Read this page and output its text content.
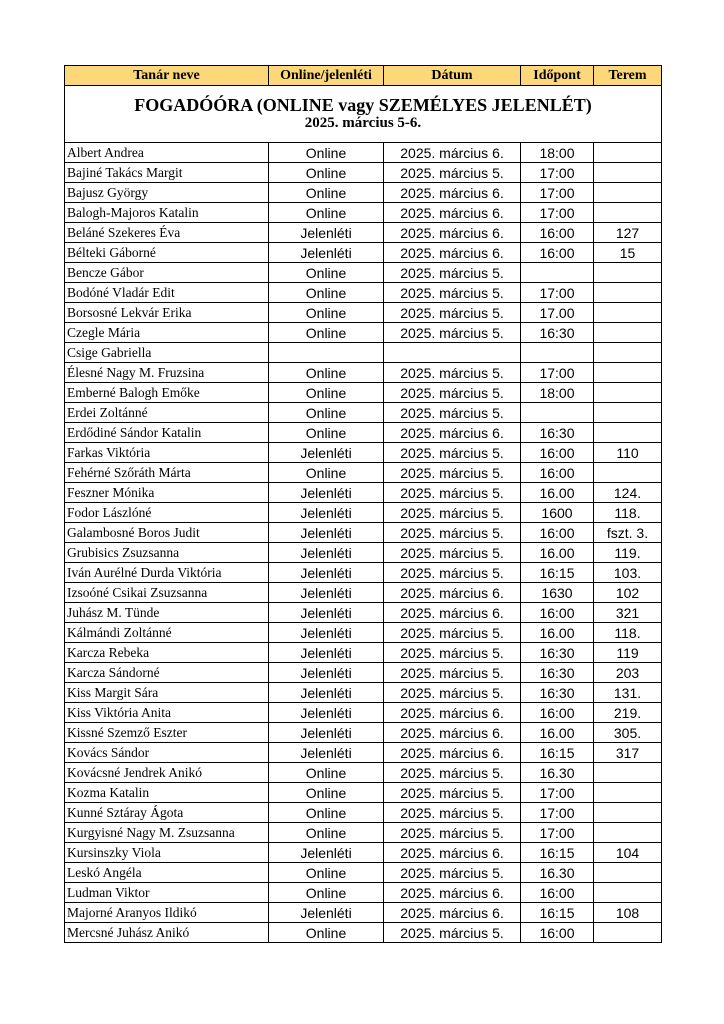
FOGADÓÓRA (ONLINE vagy SZEMÉLYES JELENLÉT)
2025. március 5-6.				

Tanár neve	Online/jelenléti	Dátum	Időpont	Terem
Albert Andrea	Online	2025. március 6.	18:00	
Bajiné Takács Margit	Online	2025. március 5.	17:00	
Bajusz György	Online	2025. március 6.	17:00	
Balogh-Majoros Katalin	Online	2025. március 6.	17:00	
Beláné Szekeres Éva	Jelenléti	2025. március 6.	16:00	127
Bélteki Gáborné	Jelenléti	2025. március 6.	16:00	15
Bencze Gábor	Online	2025. március 5.		
Bodóné Vladár Edit	Online	2025. március 5.	17:00	
Borsosné Lekvár Erika	Online	2025. március 5.	17.00	
Czegle Mária	Online	2025. március 5.	16:30	
Csige Gabriella				
Élesné Nagy M. Fruzsina	Online	2025. március 5.	17:00	
Emberné Balogh Emőke	Online	2025. március 5.	18:00	
Erdei Zoltánné	Online	2025. március 5.		
Erdődiné Sándor Katalin	Online	2025. március 6.	16:30	
Farkas Viktória	Jelenléti	2025. március 5.	16:00	110
Fehérné Szőráth Márta	Online	2025. március 5.	16:00	
Feszner Mónika	Jelenléti	2025. március 5.	16.00	124.
Fodor Lászlóné	Jelenléti	2025. március 5.	1600	118.
Galambosné Boros Judit	Jelenléti	2025. március 5.	16:00	fszt. 3.
Grubisics Zsuzsanna	Jelenléti	2025. március 5.	16.00	119.
Iván Aurélné Durda Viktória	Jelenléti	2025. március 5.	16:15	103.
Izsoóné Csikai Zsuzsanna	Jelenléti	2025. március 6.	1630	102
Juhász M. Tünde	Jelenléti	2025. március 6.	16:00	321
Kálmándi Zoltánné	Jelenléti	2025. március 5.	16.00	118.
Karcza Rebeka	Jelenléti	2025. március 5.	16:30	119
Karcza Sándorné	Jelenléti	2025. március 5.	16:30	203
Kiss Margit Sára	Jelenléti	2025. március 5.	16:30	131.
Kiss Viktória Anita	Jelenléti	2025. március 6.	16:00	219.
Kissné Szemző Eszter	Jelenléti	2025. március 6.	16.00	305.
Kovács Sándor	Jelenléti	2025. március 6.	16:15	317
Kovácsné Jendrek Anikó	Online	2025. március 5.	16.30	
Kozma Katalin	Online	2025. március 5.	17:00	
Kunné Sztáray Ágota	Online	2025. március 5.	17:00	
Kurgyisné Nagy M. Zsuzsanna	Online	2025. március 5.	17:00	
Kursinszky Viola	Jelenléti	2025. március 6.	16:15	104
Leskó Angéla	Online	2025. március 5.	16.30	
Ludman Viktor	Online	2025. március 6.	16:00	
Majorné Aranyos Ildikó	Jelenléti	2025. március 6.	16:15	108
Mercsné Juhász Anikó	Online	2025. március 5.	16:00	
